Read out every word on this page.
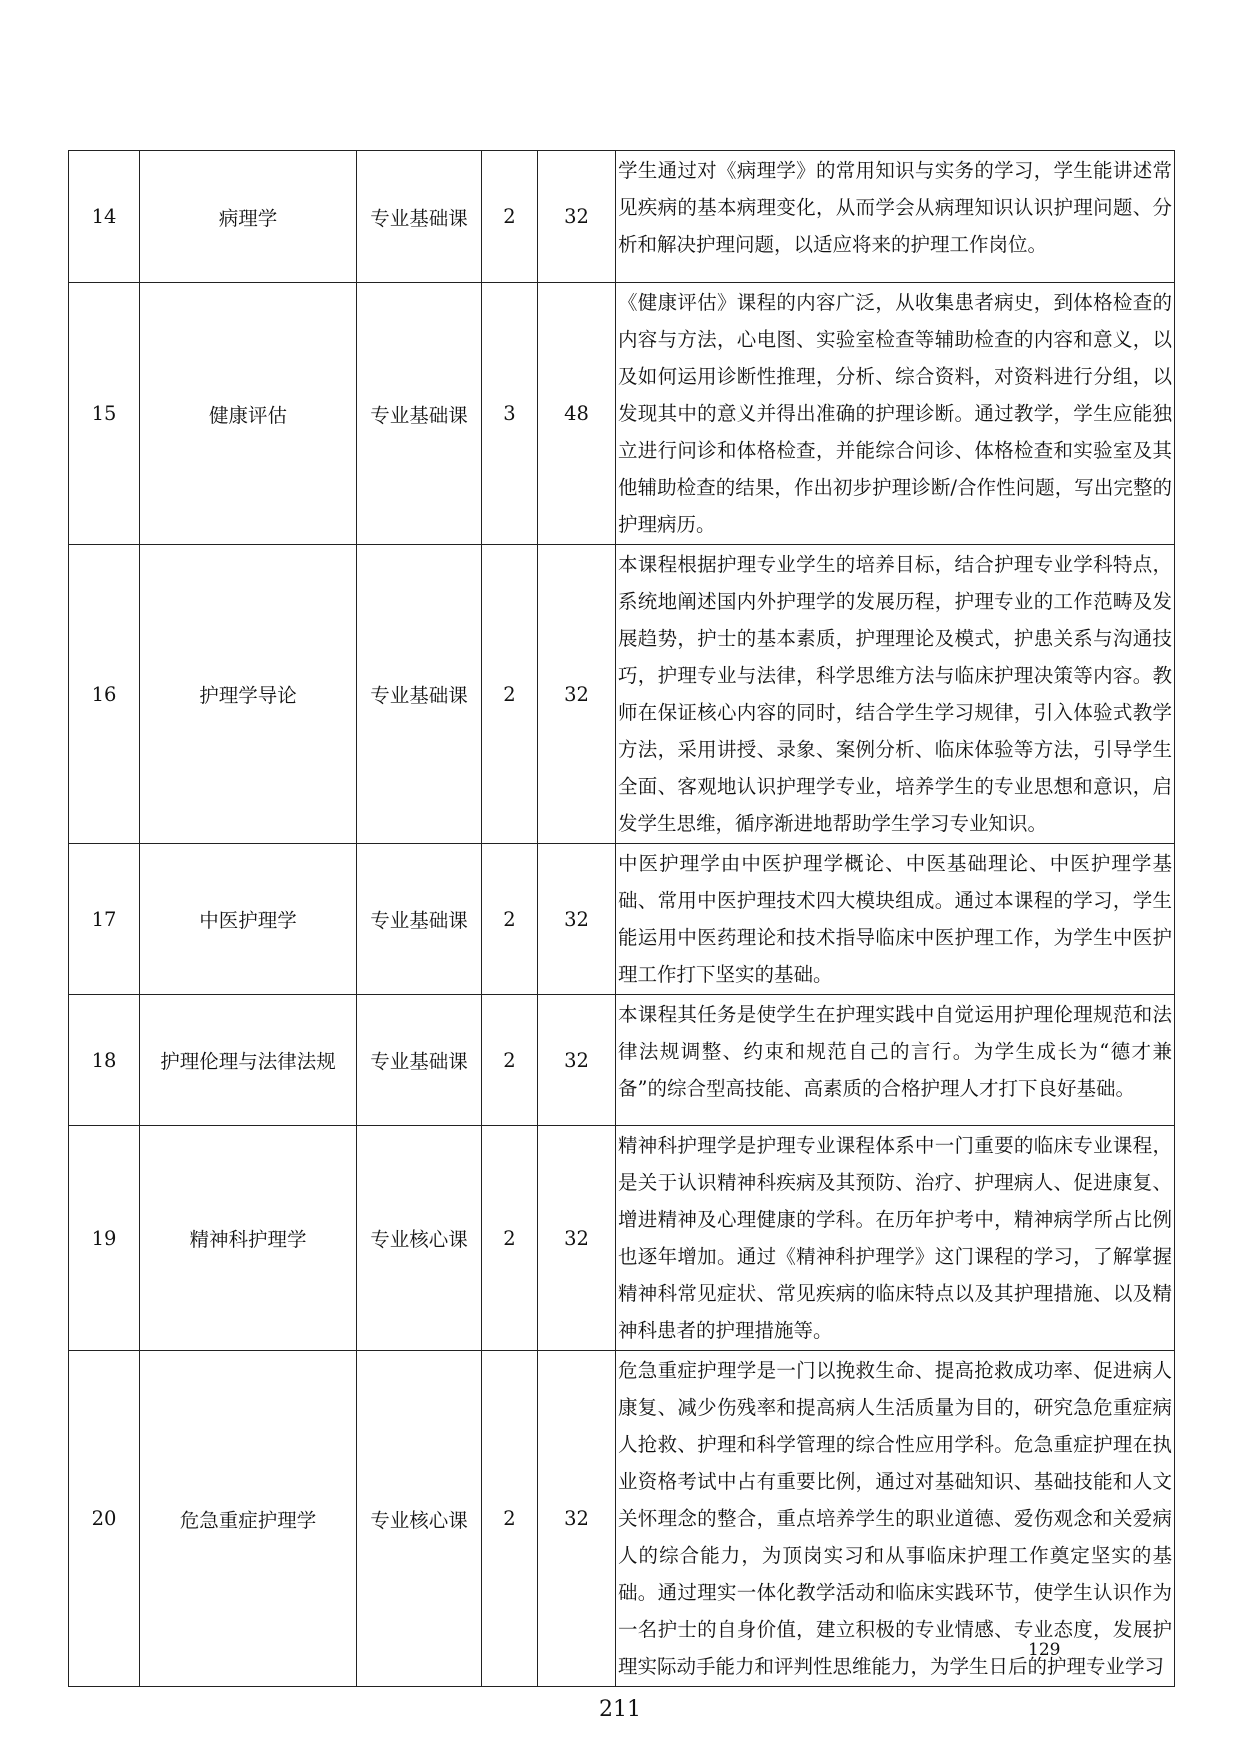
14	病理学	专业基础课	2	32	学生通过对《病理学》的常用知识与实务的学习，学生能讲述常见疾病的基本病理变化，从而学会从病理知识认识护理问题、分析和解决护理问题，以适应将来的护理工作岗位。
15	健康评估	专业基础课	3	48	《健康评估》课程的内容广泛，从收集患者病史，到体格检查的内容与方法，心电图、实验室检查等辅助检查的内容和意义，以及如何运用诊断性推理，分析、综合资料，对资料进行分组，以发现其中的意义并得出准确的护理诊断。通过教学，学生应能独立进行问诊和体格检查，并能综合问诊、体格检查和实验室及其他辅助检查的结果，作出初步护理诊断/合作性问题，写出完整的护理病历。
16	护理学导论	专业基础课	2	32	本课程根据护理专业学生的培养目标，结合护理专业学科特点，系统地阐述国内外护理学的发展历程，护理专业的工作范畴及发展趋势，护士的基本素质，护理理论及模式，护患关系与沟通技巧，护理专业与法律，科学思维方法与临床护理决策等内容。教师在保证核心内容的同时，结合学生学习规律，引入体验式教学方法，采用讲授、录象、案例分析、临床体验等方法，引导学生全面、客观地认识护理学专业，培养学生的专业思想和意识，启发学生思维，循序渐进地帮助学生学习专业知识。
17	中医护理学	专业基础课	2	32	中医护理学由中医护理学概论、中医基础理论、中医护理学基础、常用中医护理技术四大模块组成。通过本课程的学习，学生能运用中医药理论和技术指导临床中医护理工作，为学生中医护理工作打下坚实的基础。
18	护理伦理与法律法规	专业基础课	2	32	本课程其任务是使学生在护理实践中自觉运用护理伦理规范和法律法规调整、约束和规范自己的言行。为学生成长为“德才兼备”的综合型高技能、高素质的合格护理人才打下良好基础。
19	精神科护理学	专业核心课	2	32	精神科护理学是护理专业课程体系中一门重要的临床专业课程，是关于认识精神科疾病及其预防、治疗、护理病人、促进康复、增进精神及心理健康的学科。在历年护考中，精神病学所占比例也逐年增加。通过《精神科护理学》这门课程的学习，了解掌握精神科常见症状、常见疾病的临床特点以及其护理措施、以及精神科患者的护理措施等。
20	危急重症护理学	专业核心课	2	32	危急重症护理学是一门以挽救生命、提高抢救成功率、促进病人康复、减少伤残率和提高病人生活质量为目的，研究急危重症病人抢救、护理和科学管理的综合性应用学科。危急重症护理在执业资格考试中占有重要比例，通过对基础知识、基础技能和人文关怀理念的整合，重点培养学生的职业道德、爱伤观念和关爱病人的综合能力，为顶岗实习和从事临床护理工作奠定坚实的基础。通过理实一体化教学活动和临床实践环节，使学生认识作为一名护士的自身价值，建立积极的专业情感、专业态度，发展护理实际动手能力和评判性思维能力，为学生日后的护理专业学习
129
211
